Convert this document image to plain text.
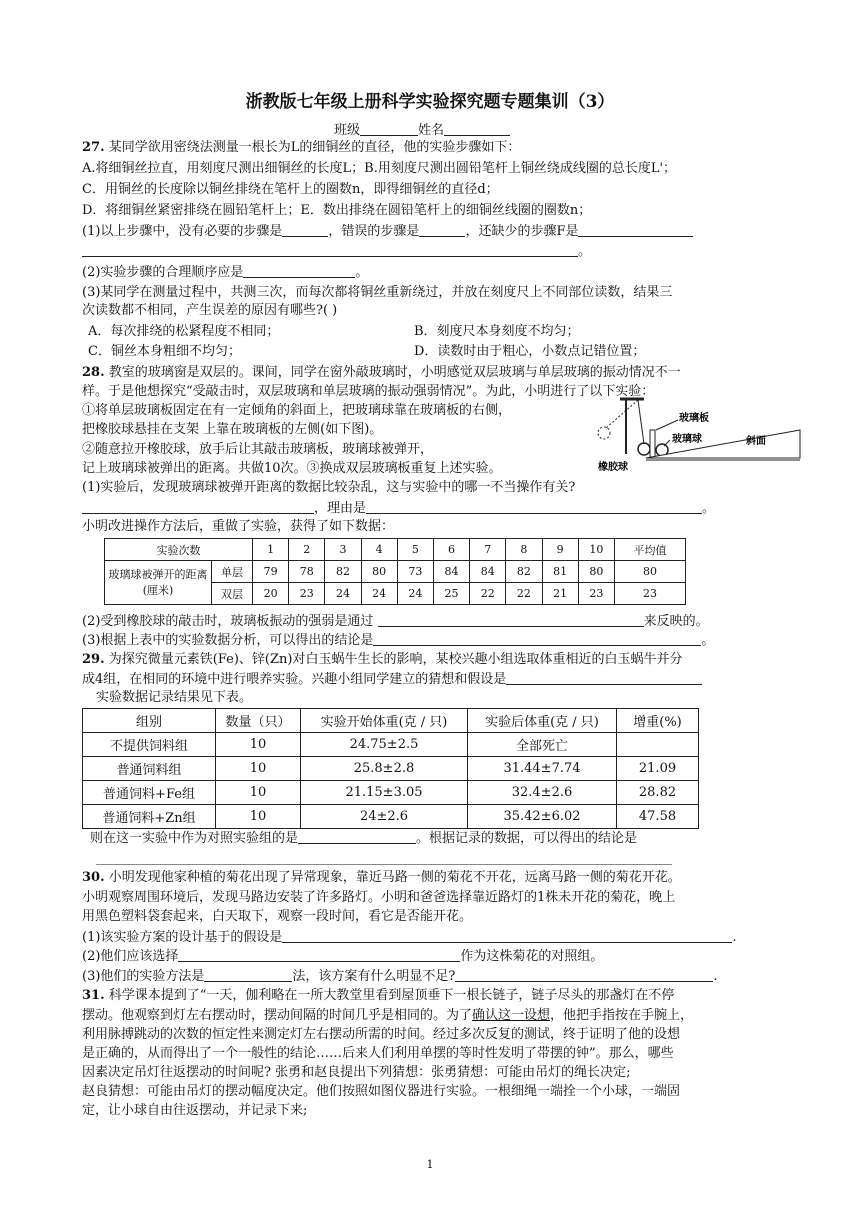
浙教版七年级上册科学实验探究题专题集训（3）
班级	姓名
27. 某同学欲用密绕法测量一根长为L的细铜丝的直径，他的实验步骤如下：
A.将细铜丝拉直，用刻度尺测出细铜丝的长度L；B.用刻度尺测出圆铅笔杆上铜丝绕成线圈的总长度L'；
C．用铜丝的长度除以铜丝排绕在笔杆上的圈数n，即得细铜丝的直径d；
D．将细铜丝紧密排绕在圆铅笔杆上；E．数出排绕在圆铅笔杆上的细铜丝线圈的圈数n；
(1)以上步骤中，没有必要的步骤是	，错误的步骤是	，还缺少的步骤F是
。
(2)实验步骤的合理顺序应是	。
(3)某同学在测量过程中，共测三次，而每次都将铜丝重新绕过，并放在刻度尺上不同部位读数，结果三
次读数都不相同，产生误差的原因有哪些?( )
A．每次排绕的松紧程度不相同；	B．刻度尺本身刻度不均匀；
C．铜丝本身粗细不均匀；	D．读数时由于粗心，小数点记错位置；
28. 教室的玻璃窗是双层的。课间，同学在窗外敲玻璃时，小明感觉双层玻璃与单层玻璃的振动情况不一
样。于是他想探究“受敲击时，双层玻璃和单层玻璃的振动强弱情况”。为此，小明进行了以下实验：
①将单层玻璃板固定在有一定倾角的斜面上，把玻璃球靠在玻璃板的右侧，
把橡胶球悬挂在支架 上靠在玻璃板的左侧(如下图)。
②随意拉开橡胶球，放手后让其敲击玻璃板，玻璃球被弹开，
记上玻璃球被弹出的距离。共做10次。③换成双层玻璃板重复上述实验。
玻璃板
玻璃球	斜面
橡胶球
(1)实验后，发现玻璃球被弹开距离的数据比较杂乱，这与实验中的哪一不当操作有关?
，理由是	。
小明改进操作方法后，重做了实验，获得了如下数据：
实验次数		1	2	3	4	5	6	7	8	9	10	平均值
玻璃球被弹开的距离(厘米)	单层	79	78	82	80	73	84	84	82	81	80	80
	双层	20	23	24	24	24	25	22	22	21	23	23
(2)受到橡胶球的敲击时，玻璃板振动的强弱是通过	来反映的。
(3)根据上表中的实验数据分析，可以得出的结论是	。
29. 为探究微量元素铁(Fe)、锌(Zn)对白玉蜗牛生长的影响，某校兴趣小组选取体重相近的白玉蜗牛并分
成4组，在相同的环境中进行喂养实验。兴趣小组同学建立的猜想和假设是
实验数据记录结果见下表。
组别	数量（只）	实验开始体重(克 / 只)	实验后体重(克 / 只)	增重(%)
不提供饲料组	10	24.75±2.5	全部死亡	
普通饲料组	10	25.8±2.8	31.44±7.74	21.09
普通饲料+Fe组	10	21.15±3.05	32.4±2.6	28.82
普通饲料+Zn组	10	24±2.6	35.42±6.02	47.58
则在这一实验中作为对照实验组的是	。根据记录的数据，可以得出的结论是
30. 小明发现他家种植的菊花出现了异常现象，靠近马路一侧的菊花不开花，远离马路一侧的菊花开花。
小明观察周围环境后，发现马路边安装了许多路灯。小明和爸爸选择靠近路灯的1株未开花的菊花，晚上
用黑色塑料袋套起来，白天取下，观察一段时间，看它是否能开花。
(1)该实验方案的设计基于的假设是	.
(2)他们应该选择	作为这株菊花的对照组。
(3)他们的实验方法是	法，该方案有什么明显不足?	.
31. 科学课本提到了“一天，伽利略在一所大教堂里看到屋顶垂下一根长链子，链子尽头的那盏灯在不停
摆动。他观察到灯左右摆动时，摆动间隔的时间几乎是相同的。为了确认这一设想，他把手指按在手腕上，
利用脉搏跳动的次数的恒定性来测定灯左右摆动所需的时间。经过多次反复的测试，终于证明了他的设想
是正确的，从而得出了一个一般性的结论……后来人们利用单摆的等时性发明了带摆的钟”。那么，哪些
因素决定吊灯往返摆动的时间呢? 张勇和赵良提出下列猜想：张勇猜想：可能由吊灯的绳长决定;
赵良猜想：可能由吊灯的摆动幅度决定。他们按照如图仪器进行实验。一根细绳一端拴一个小球，一端固
定，让小球自由往返摆动，并记录下来;
1
